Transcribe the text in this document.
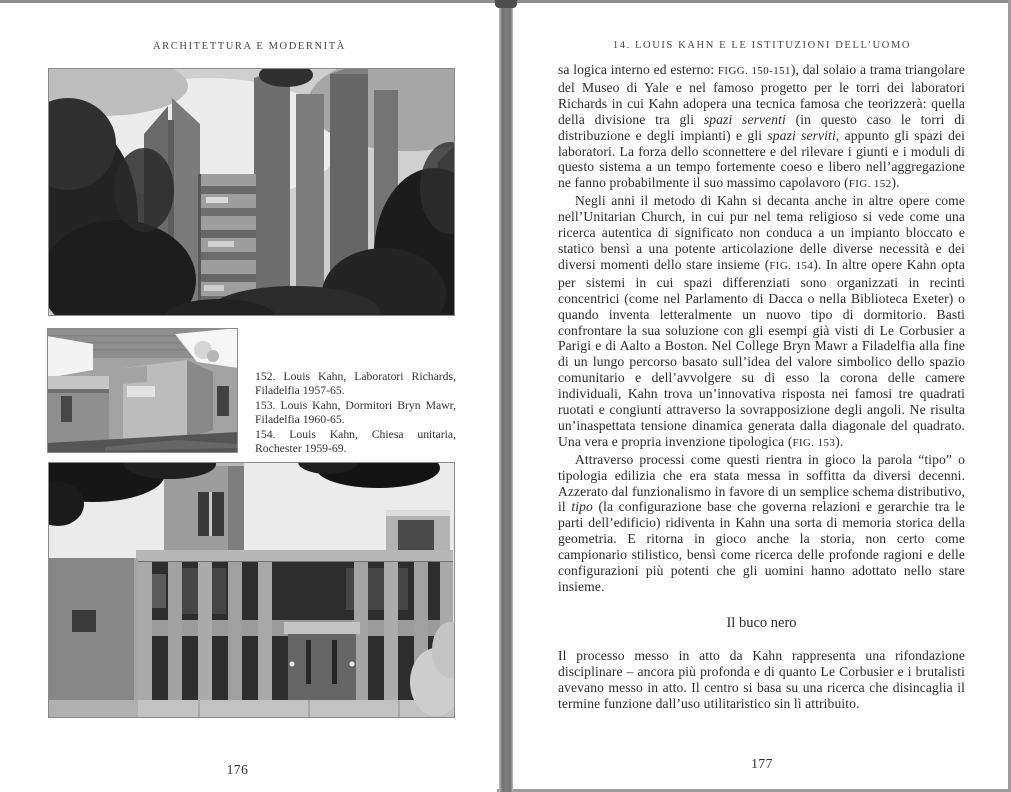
ARCHITETTURA E MODERNITÀ

152. Louis Kahn, Laboratori Richards, Filadelfia 1957-65.

153. Louis Kahn, Dormitori Bryn Mawr, Filadelfia 1960-65.

154. Louis Kahn, Chiesa unitaria, Rochester 1959-69.

176
14. LOUIS KAHN E LE ISTITUZIONI DELL’UOMO

sa logica interno ed esterno: FIGG. 150-151), dal solaio a trama triangolare del Museo di Yale e nel famoso progetto per le torri dei laboratori Richards in cui Kahn adopera una tecnica famosa che teorizzerà: quella della divisione tra gli spazi serventi (in questo caso le torri di distribuzione e degli impianti) e gli spazi serviti, appunto gli spazi dei laboratori. La forza dello sconnettere e del rilevare i giunti e i moduli di questo sistema a un tempo fortemente coeso e libero nell’aggregazione ne fanno probabilmente il suo massimo capolavoro (FIG. 152).

Negli anni il metodo di Kahn si decanta anche in altre opere come nell’Unitarian Church, in cui pur nel tema religioso si vede come una ricerca autentica di significato non conduca a un impianto bloccato e statico bensì a una potente articolazione delle diverse necessità e dei diversi momenti dello stare insieme (FIG. 154). In altre opere Kahn opta per sistemi in cui spazi differenziati sono organizzati in recinti concentrici (come nel Parlamento di Dacca o nella Biblioteca Exeter) o quando inventa letteralmente un nuovo tipo di dormitorio. Basti confrontare la sua soluzione con gli esempi già visti di Le Corbusier a Parigi e di Aalto a Boston. Nel College Bryn Mawr a Filadelfia alla fine di un lungo percorso basato sull’idea del valore simbolico dello spazio comunitario e dell’avvolgere su di esso la corona delle camere individuali, Kahn trova un’innovativa risposta nei famosi tre quadrati ruotati e congiunti attraverso la sovrapposizione degli angoli. Ne risulta un’inaspettata tensione dinamica generata dalla diagonale del quadrato. Una vera e propria invenzione tipologica (FIG. 153).

Attraverso processi come questi rientra in gioco la parola “tipo” o tipologia edilizia che era stata messa in soffitta da diversi decenni. Azzerato dal funzionalismo in favore di un semplice schema distributivo, il tipo (la configurazione base che governa relazioni e gerarchie tra le parti dell’edificio) ridiventa in Kahn una sorta di memoria storica della geometria. E ritorna in gioco anche la storia, non certo come campionario stilistico, bensì come ricerca delle profonde ragioni e delle configurazioni più potenti che gli uomini hanno adottato nello stare insieme.

Il buco nero

Il processo messo in atto da Kahn rappresenta una rifondazione disciplinare – ancora più profonda e di quanto Le Corbusier e i brutalisti avevano messo in atto. Il centro si basa su una ricerca che disincaglia il termine funzione dall’uso utilitaristico sin lì attribuito.

177
